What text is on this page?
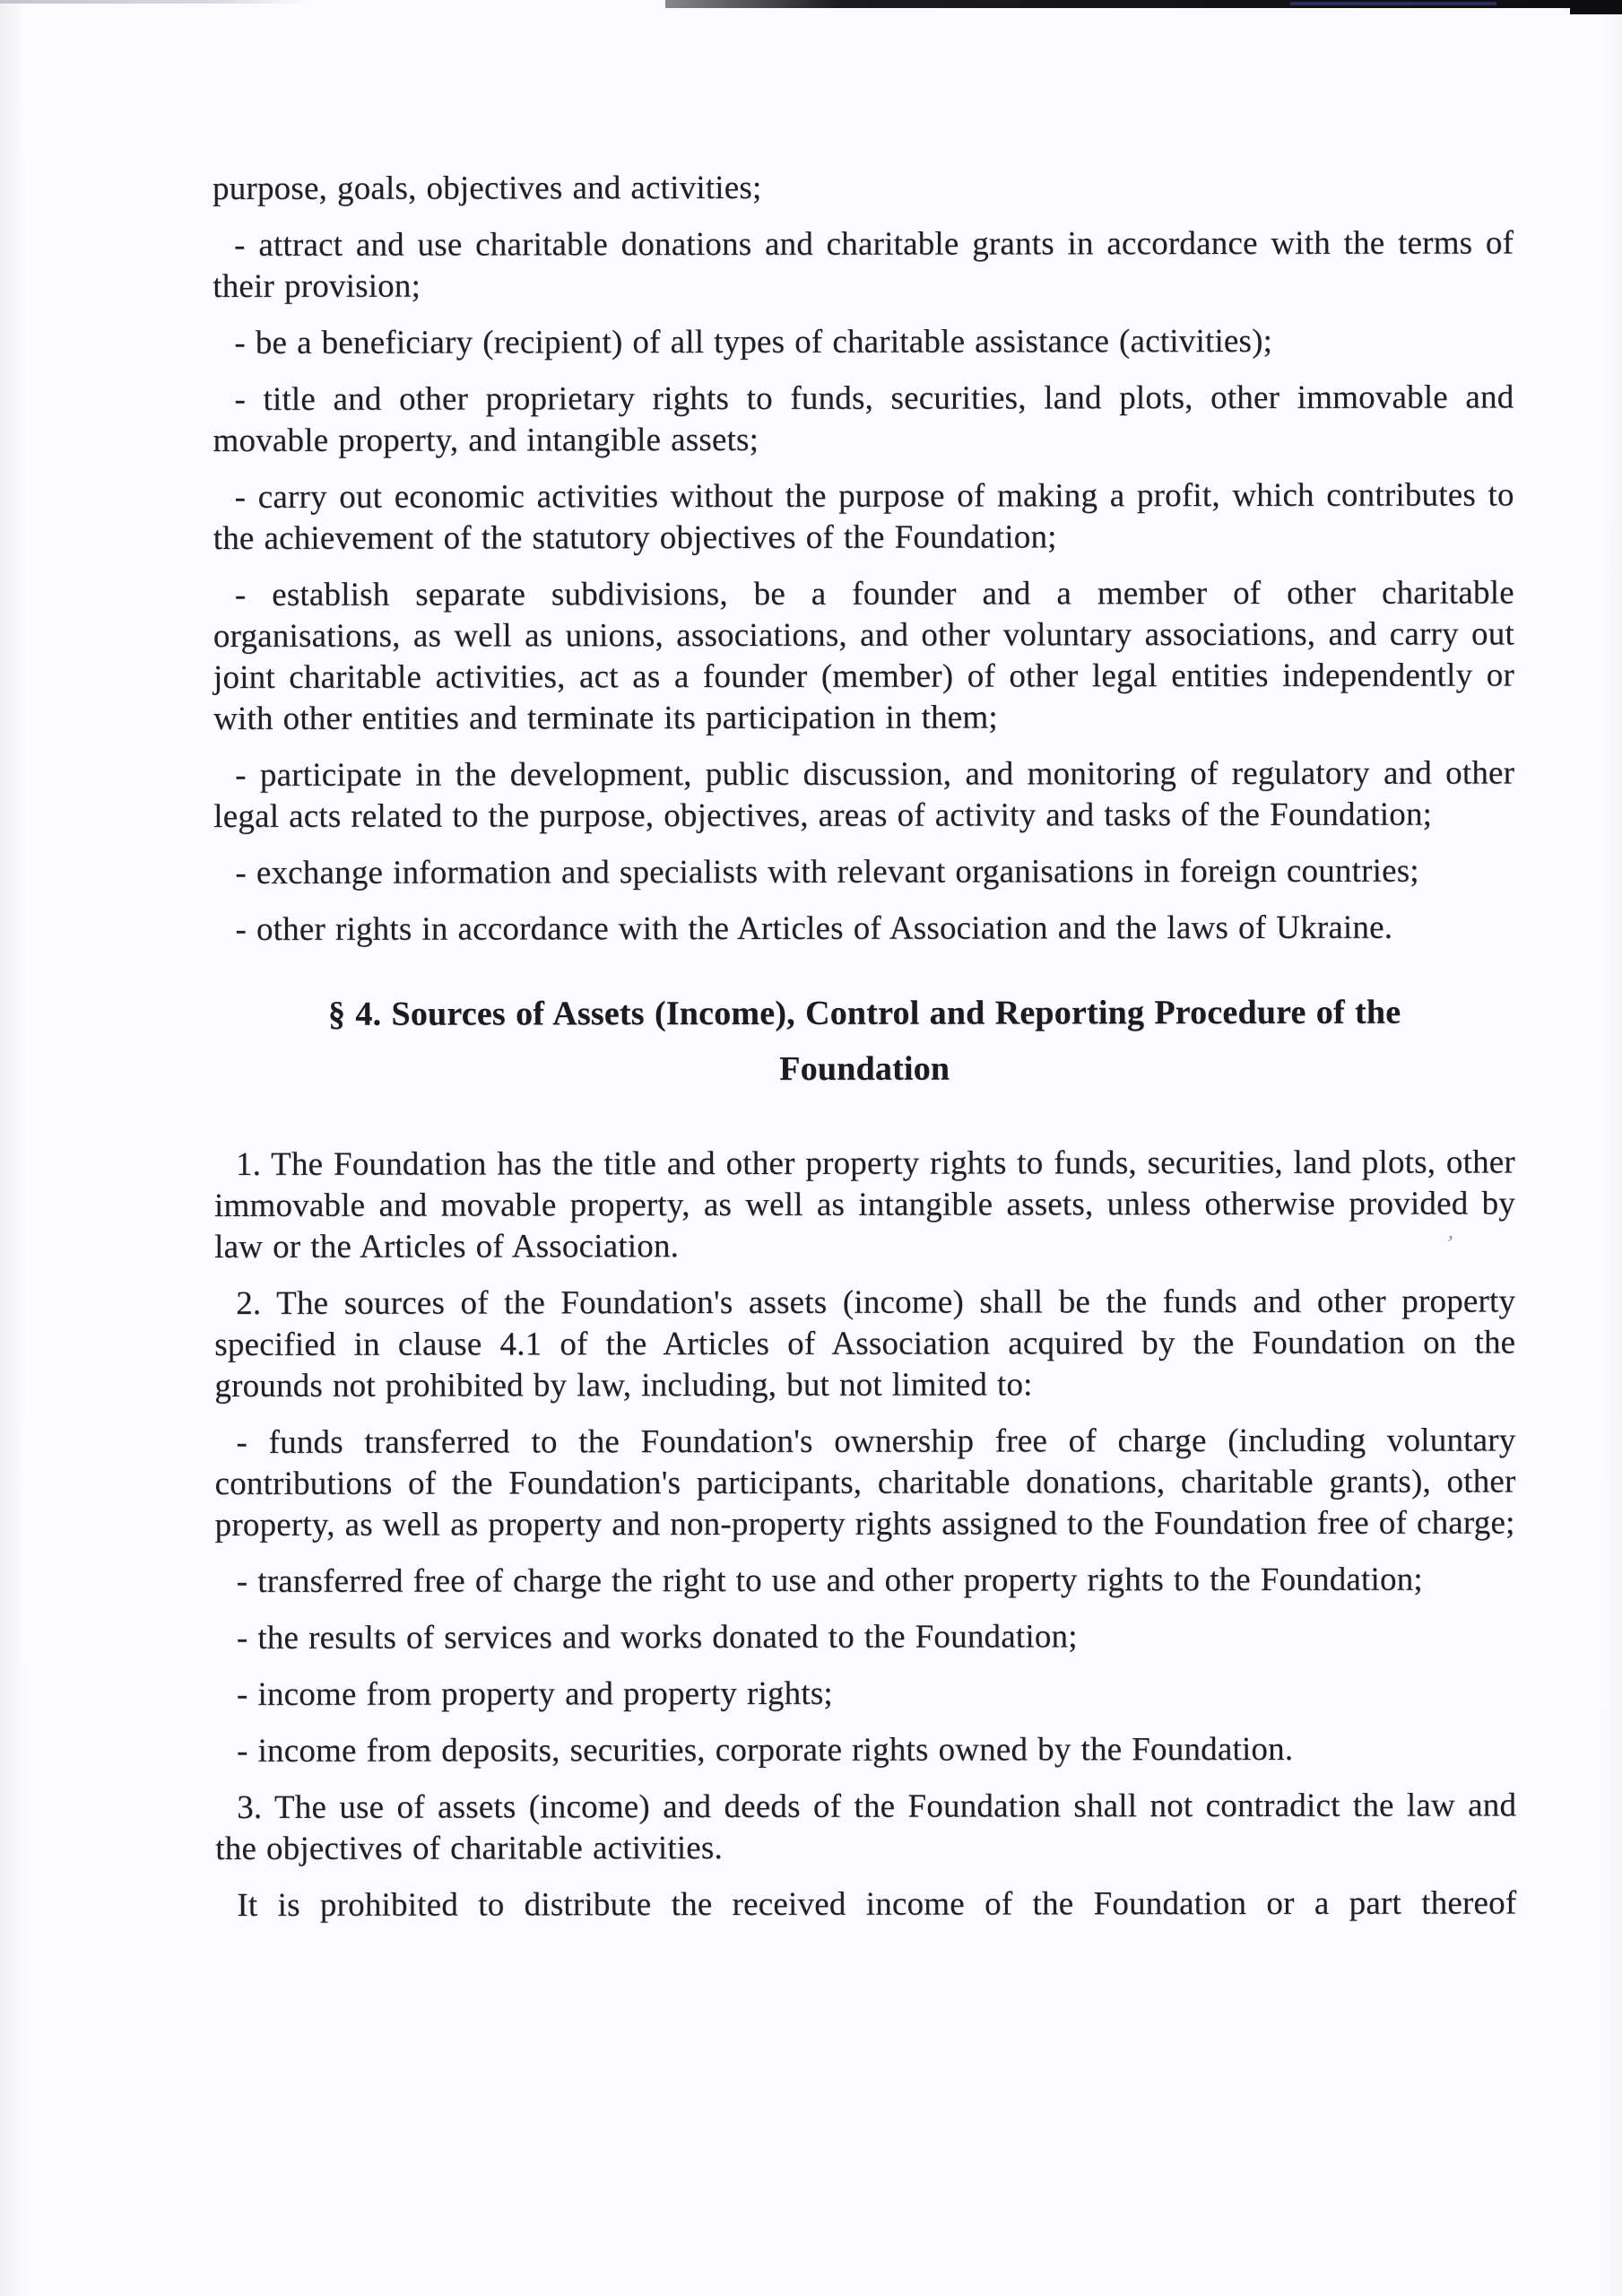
’

purpose, goals, objectives and activities;

- attract and use charitable donations and charitable grants in accordance with the terms of their provision;

- be a beneficiary (recipient) of all types of charitable assistance (activities);

- title and other proprietary rights to funds, securities, land plots, other immovable and movable property, and intangible assets;

- carry out economic activities without the purpose of making a profit, which contributes to the achievement of the statutory objectives of the Foundation;

- establish separate subdivisions, be a founder and a member of other charitable organisations, as well as unions, associations, and other voluntary associations, and carry out joint charitable activities, act as a founder (member) of other legal entities independently or with other entities and terminate its participation in them;

- participate in the development, public discussion, and monitoring of regulatory and other legal acts related to the purpose, objectives, areas of activity and tasks of the Foundation;

- exchange information and specialists with relevant organisations in foreign countries;

- other rights in accordance with the Articles of Association and the laws of Ukraine.

§ 4. Sources of Assets (Income), Control and Reporting Procedure of the Foundation

1. The Foundation has the title and other property rights to funds, securities, land plots, other immovable and movable property, as well as intangible assets, unless otherwise provided by law or the Articles of Association.

2. The sources of the Foundation's assets (income) shall be the funds and other property specified in clause 4.1 of the Articles of Association acquired by the Foundation on the grounds not prohibited by law, including, but not limited to:

- funds transferred to the Foundation's ownership free of charge (including voluntary contributions of the Foundation's participants, charitable donations, charitable grants), other property, as well as property and non-property rights assigned to the Foundation free of charge;

- transferred free of charge the right to use and other property rights to the Foundation;

- the results of services and works donated to the Foundation;

- income from property and property rights;

- income from deposits, securities, corporate rights owned by the Foundation.

3. The use of assets (income) and deeds of the Foundation shall not contradict the law and the objectives of charitable activities.

It is prohibited to distribute the received income of the Foundation or a part thereof
